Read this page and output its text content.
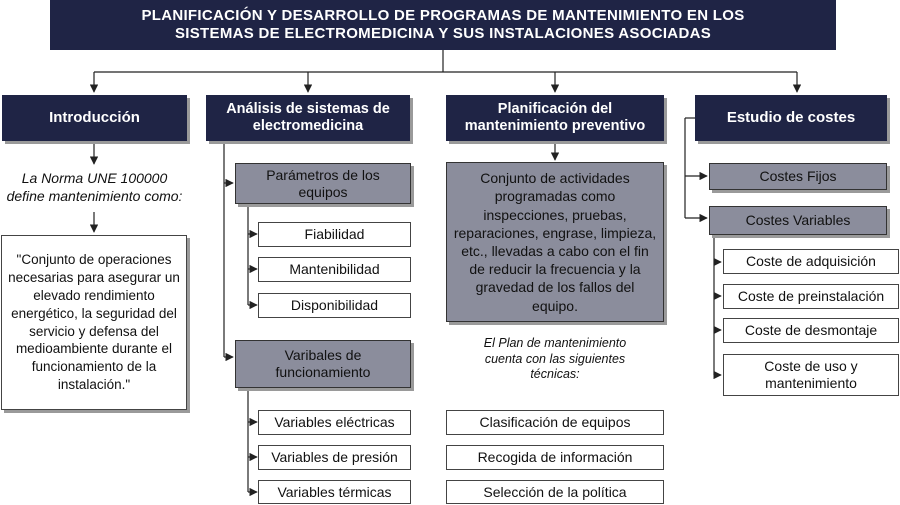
PLANIFICACIÓN Y DESARROLLO DE PROGRAMAS DE MANTENIMIENTO EN LOS
SISTEMAS DE ELECTROMEDICINA Y SUS INSTALACIONES ASOCIADAS
Introducción
La Norma UNE 100000
define mantenimiento como:
"Conjunto de operaciones necesarias para asegurar un elevado rendimiento energético, la seguridad del servicio y defensa del medioambiente durante el funcionamiento de la instalación."
Análisis de sistemas de
electromedicina
Parámetros de los
equipos
Fiabilidad
Mantenibilidad
Disponibilidad
Varibales de
funcionamiento
Variables eléctricas
Variables de presión
Variables térmicas
Planificación del
mantenimiento preventivo
Conjunto de actividades programadas como inspecciones, pruebas, reparaciones, engrase, limpieza, etc., llevadas a cabo con el fin de reducir la frecuencia y la gravedad de los fallos del equipo.
El Plan de mantenimiento
cuenta con las siguientes
técnicas:
Clasificación de equipos
Recogida de información
Selección de la política
Estudio de costes
Costes Fijos
Costes Variables
Coste de adquisición
Coste de preinstalación
Coste de desmontaje
Coste de uso y
mantenimiento
